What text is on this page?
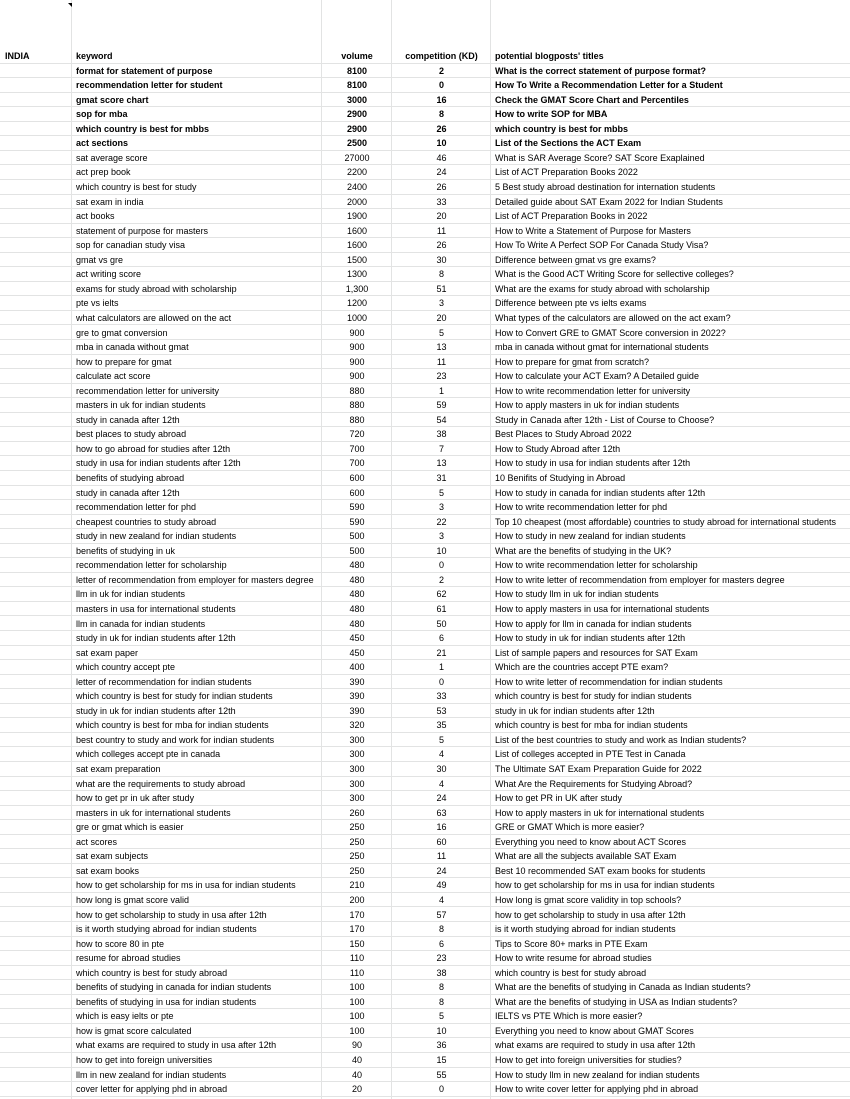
INDIA	keyword	volume	competition (KD)	potential blogposts' titles
format for statement of purpose	8100	2	What is the correct statement of purpose format?
recommendation letter for student	8100	0	How To Write a Recommendation Letter for a Student
gmat score chart	3000	16	Check the GMAT Score Chart and Percentiles
sop for mba	2900	8	How to write SOP for MBA
which country is best for mbbs	2900	26	which country is best for mbbs
act sections	2500	10	List of the Sections the ACT Exam
sat average score	27000	46	What is SAR Average Score? SAT Score Exaplained
act prep book	2200	24	List of ACT Preparation Books 2022
which country is best for study	2400	26	5 Best study abroad destination for internation students
sat exam in india	2000	33	Detailed guide about SAT Exam 2022 for Indian Students
act books	1900	20	List of ACT Preparation Books in 2022
statement of purpose for masters	1600	11	How to Write a Statement of Purpose for Masters
sop for canadian study visa	1600	26	How To Write A Perfect SOP For Canada Study Visa?
gmat vs gre	1500	30	Difference between gmat vs gre exams?
act writing score	1300	8	What is the Good ACT Writing Score for sellective colleges?
exams for study abroad with scholarship	1,300	51	What are the exams for study abroad with scholarship
pte vs ielts	1200	3	Difference between pte vs ielts exams
what calculators are allowed on the act	1000	20	What types of the calculators are allowed on the act exam?
gre to gmat conversion	900	5	How to Convert GRE to GMAT Score conversion in 2022?
mba in canada without gmat	900	13	mba in canada without gmat for international students
how to prepare for gmat	900	11	How to prepare for gmat from scratch?
calculate act score	900	23	How to calculate your ACT Exam? A Detailed guide
recommendation letter for university	880	1	How to write recommendation letter for university
masters in uk for indian students	880	59	How to apply masters in uk for indian students
study in canada after 12th	880	54	Study in Canada after 12th - List of Course to Choose?
best places to study abroad	720	38	Best Places to Study Abroad 2022
how to go abroad for studies after 12th	700	7	How to Study Abroad after 12th
study in usa for indian students after 12th	700	13	How to study in usa for indian students after 12th
benefits of studying abroad	600	31	10 Benifits of Studying in Abroad
study in canada after 12th	600	5	How to study in canada for indian students after 12th
recommendation letter for phd	590	3	How to write recommendation letter for phd
cheapest countries to study abroad	590	22	Top 10 cheapest (most affordable) countries to study abroad for international students
study in new zealand for indian students	500	3	How to study in new zealand for indian students
benefits of studying in uk	500	10	What are the benefits of studying in the UK?
recommendation letter for scholarship	480	0	How to write recommendation letter for scholarship
letter of recommendation from employer for masters degree	480	2	How to write letter of recommendation from employer for masters degree
llm in uk for indian students	480	62	How to study llm in uk for indian students
masters in usa for international students	480	61	How to apply masters in usa for international students
llm in canada for indian students	480	50	How to apply for llm in canada for indian students
study in uk for indian students after 12th	450	6	How to study in uk for indian students after 12th
sat exam paper	450	21	List of sample papers and resources for SAT Exam
which country accept pte	400	1	Which are the countries accept PTE exam?
letter of recommendation for indian students	390	0	How to write letter of recommendation for indian students
which country is best for study for indian students	390	33	which country is best for study for indian students
study in uk for indian students after 12th	390	53	study in uk for indian students after 12th
which country is best for mba for indian students	320	35	which country is best for mba for indian students
best country to study and work for indian students	300	5	List of the best countries to study and work as Indian students?
which colleges accept pte in canada	300	4	List of colleges accepted in PTE Test in Canada
sat exam preparation	300	30	The Ultimate SAT Exam Preparation Guide for 2022
what are the requirements to study abroad	300	4	What Are the Requirements for Studying Abroad?
how to get pr in uk after study	300	24	How to get PR in UK after study
masters in uk for international students	260	63	How to apply masters in uk for international students
gre or gmat which is easier	250	16	GRE or GMAT Which is more easier?
act scores	250	60	Everything you need to know about ACT Scores
sat exam subjects	250	11	What are all the subjects available SAT Exam
sat exam books	250	24	Best 10 recommended SAT exam books for students
how to get scholarship for ms in usa for indian students	210	49	how to get scholarship for ms in usa for indian students
how long is gmat score valid	200	4	How long is gmat score validity in top schools?
how to get scholarship to study in usa after 12th	170	57	how to get scholarship to study in usa after 12th
is it worth studying abroad for indian students	170	8	is it worth studying abroad for indian students
how to score 80 in pte	150	6	Tips to Score 80+ marks in PTE Exam
resume for abroad studies	110	23	How to write resume for abroad studies
which country is best for study abroad	110	38	which country is best for study abroad
benefits of studying in canada for indian students	100	8	What are the benefits of studying in Canada as Indian students?
benefits of studying in usa for indian students	100	8	What are the benefits of studying in USA as Indian students?
which is easy ielts or pte	100	5	IELTS vs PTE Which is more easier?
how is gmat score calculated	100	10	Everything you need to know about GMAT Scores
what exams are required to study in usa after 12th	90	36	what exams are required to study in usa after 12th
how to get into foreign universities	40	15	How to get into foreign universities for studies?
llm in new zealand for indian students	40	55	How to study llm in new zealand for indian students
cover letter for applying phd in abroad	20	0	How to write cover letter for applying phd in abroad
